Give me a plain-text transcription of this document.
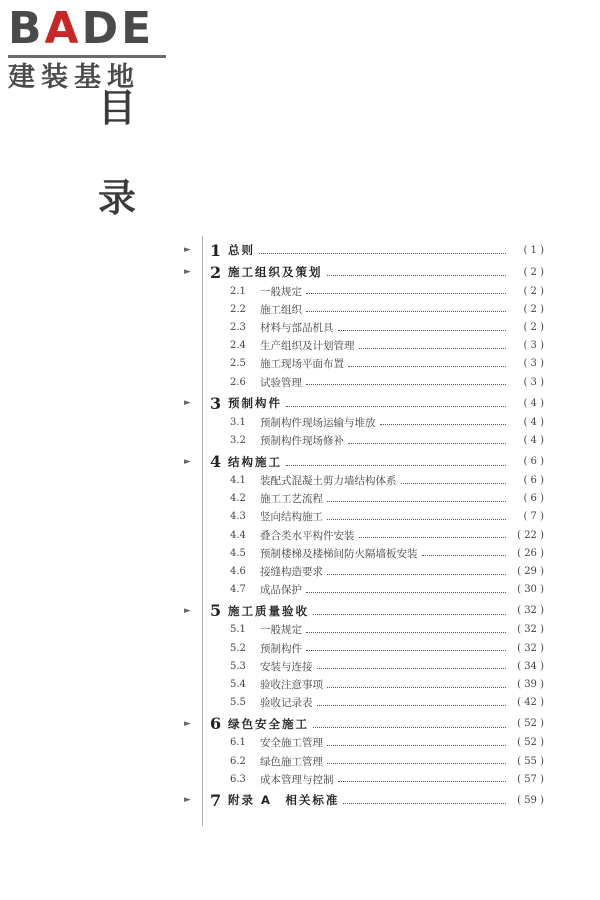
BADE
建装基地
目
录
► 1 总则	( 1 )
► 2 施工组织及策划	( 2 )
2.1 一般规定	( 2 )
2.2 施工组织	( 2 )
2.3 材料与部品机具	( 2 )
2.4 生产组织及计划管理	( 3 )
2.5 施工现场平面布置	( 3 )
2.6 试验管理	( 3 )
► 3 预制构件	( 4 )
3.1 预制构件现场运输与堆放	( 4 )
3.2 预制构件现场修补	( 4 )
► 4 结构施工	( 6 )
4.1 装配式混凝土剪力墙结构体系	( 6 )
4.2 施工工艺流程	( 6 )
4.3 竖向结构施工	( 7 )
4.4 叠合类水平构件安装	( 22 )
4.5 预制楼梯及楼梯间防火隔墙板安装	( 26 )
4.6 接缝构造要求	( 29 )
4.7 成品保护	( 30 )
► 5 施工质量验收	( 32 )
5.1 一般规定	( 32 )
5.2 预制构件	( 32 )
5.3 安装与连接	( 34 )
5.4 验收注意事项	( 39 )
5.5 验收记录表	( 42 )
► 6 绿色安全施工	( 52 )
6.1 安全施工管理	( 52 )
6.2 绿色施工管理	( 55 )
6.3 成本管理与控制	( 57 )
► 7 附录 A　相关标准	( 59 )
